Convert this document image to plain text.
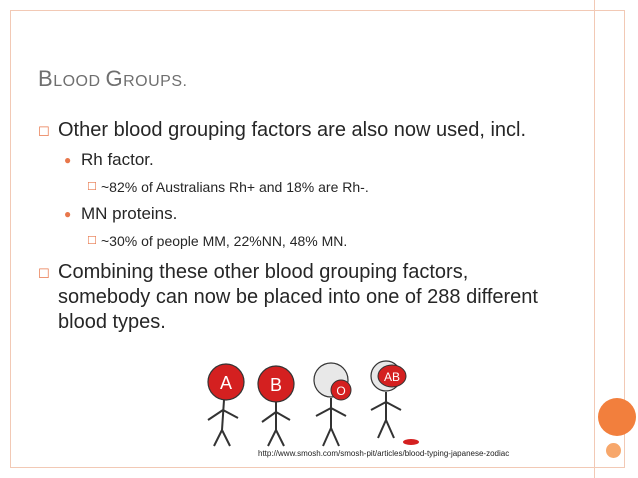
BLOOD GROUPS.
☐ Other blood grouping factors are also now used, incl.
● Rh factor.
☐ ~82% of Australians Rh+ and 18% are Rh-.
● MN proteins.
☐ ~30% of people MM, 22%NN, 48% MN.
☐ Combining these other blood grouping factors, somebody can now be placed into one of 288 different blood types.
A B	O
AB
http://www.smosh.com/smosh-pit/articles/blood-typing-japanese-zodiac
